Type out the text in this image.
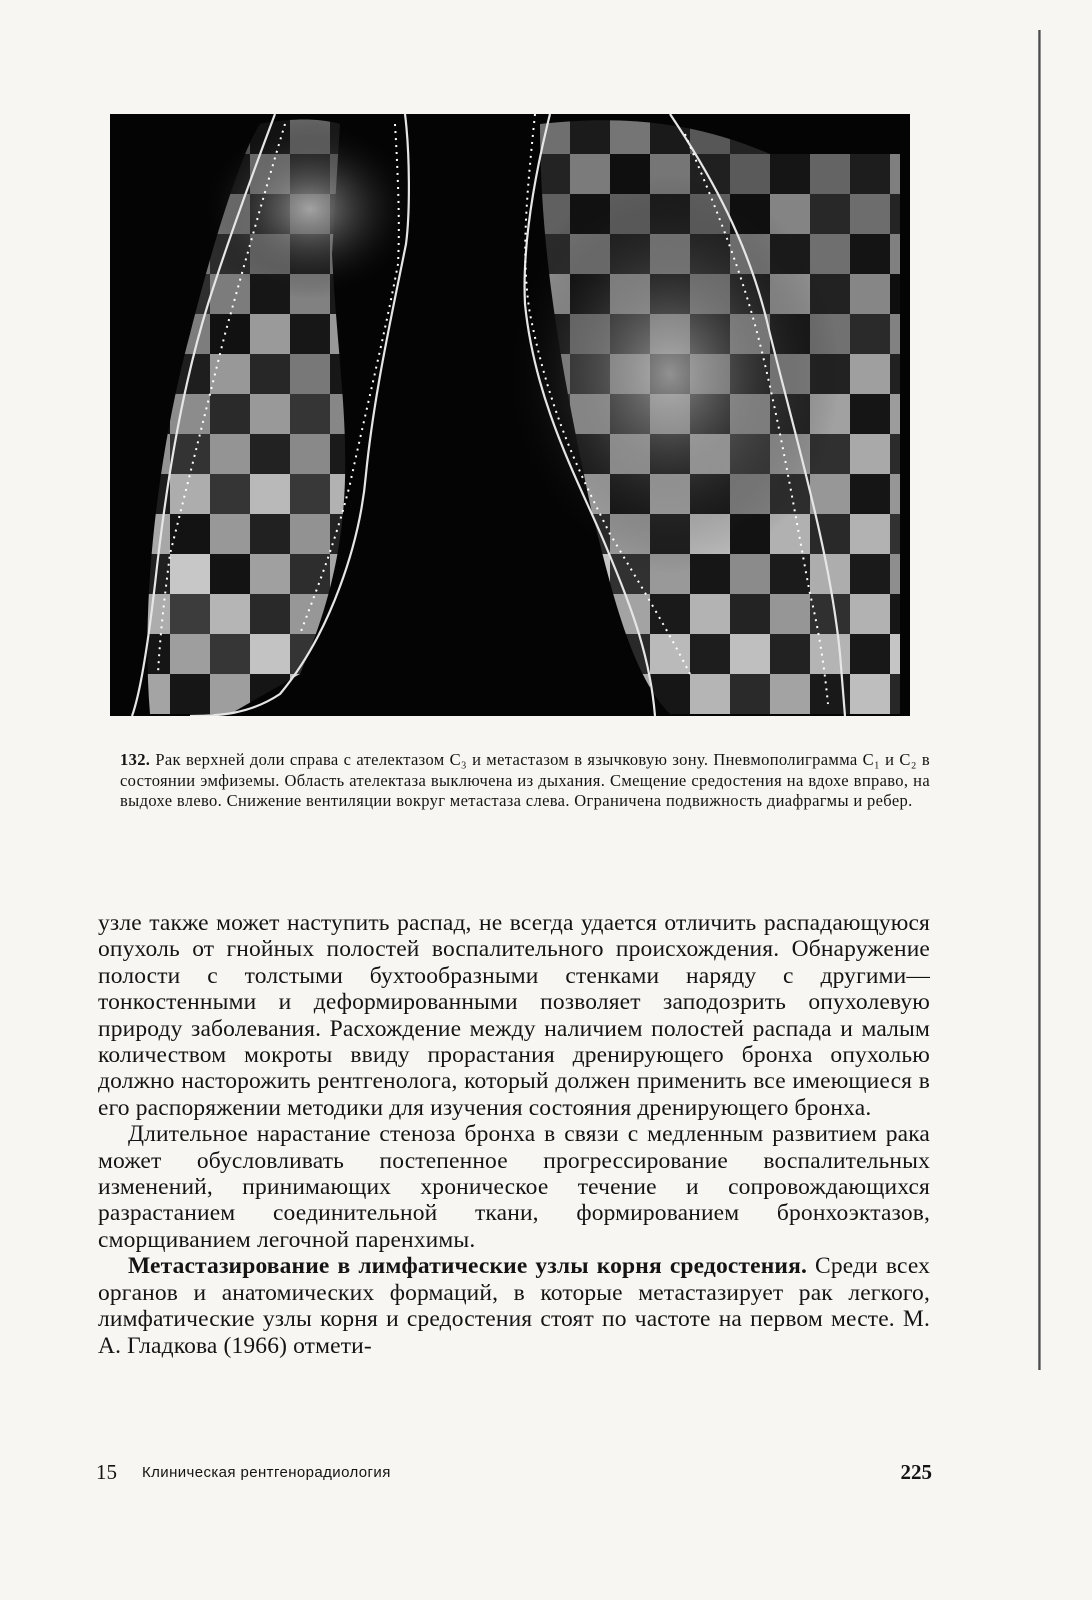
132. Рак верхней доли справа с ателектазом C₃ и метастазом в язычковую зону. Пневмополиграмма C₁ и C₂ в состоянии эмфиземы. Область ателектаза выключена из дыхания. Смещение средостения на вдохе вправо, на выдохе влево. Снижение вентиляции вокруг метастаза слева. Ограничена подвижность диафрагмы и ребер.

узле также может наступить распад, не всегда удается отличить распадающуюся опухоль от гнойных полостей воспалительного происхождения. Обнаружение полости с толстыми бухтообразными стенками наряду с другими—тонкостенными и деформированными позволяет заподозрить опухолевую природу заболевания. Расхождение между наличием полостей распада и малым количеством мокроты ввиду прорастания дренирующего бронха опухолью должно насторожить рентгенолога, который должен применить все имеющиеся в его распоряжении методики для изучения состояния дренирующего бронха.

Длительное нарастание стеноза бронха в связи с медленным развитием рака может обусловливать постепенное прогрессирование воспалительных изменений, принимающих хроническое течение и сопровождающихся разрастанием соединительной ткани, формированием бронхоэктазов, сморщиванием легочной паренхимы.

Метастазирование в лимфатические узлы корня средостения. Среди всех органов и анатомических формаций, в которые метастазирует рак легкого, лимфатические узлы корня и средостения стоят по частоте на первом месте. М. А. Гладкова (1966) отмети-

15 Клиническая рентгенорадиология	225
